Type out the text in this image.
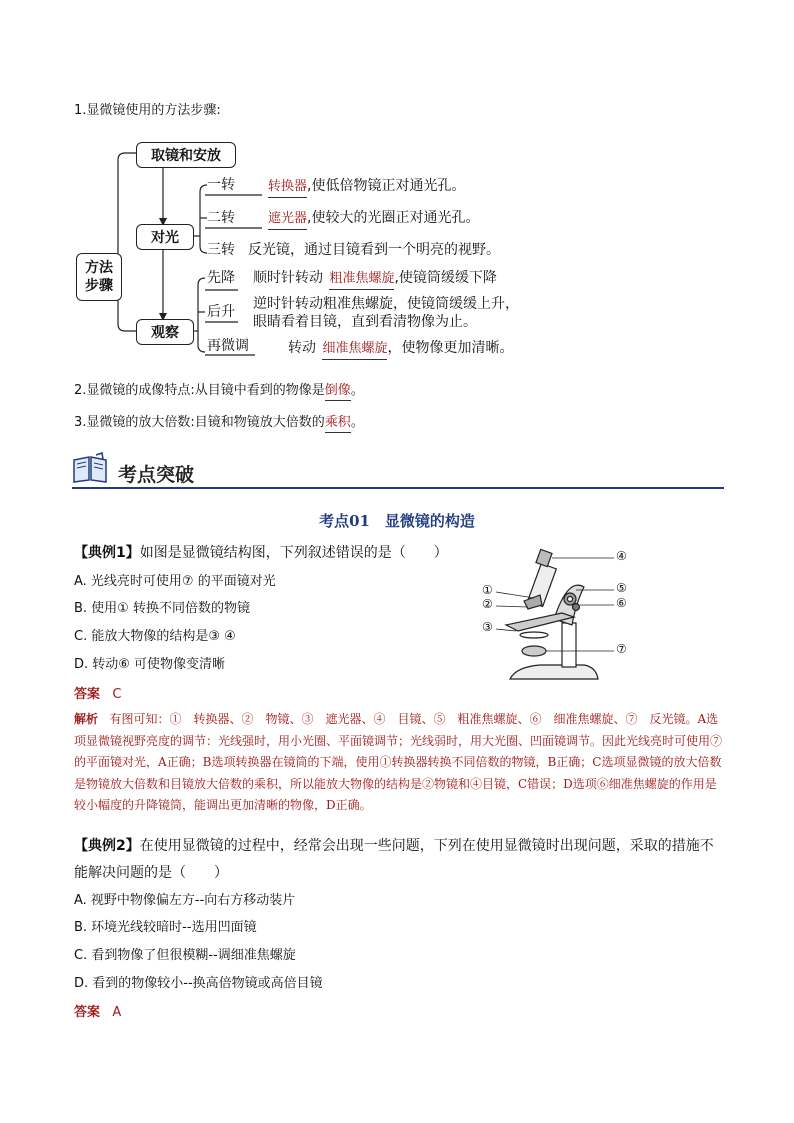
1.显微镜使用的方法步骤:
方法
步骤
取镜和安放
对光
观察
一转	转换器,使低倍物镜正对通光孔。
二转	遮光器,使较大的光圈正对通光孔。
三转 反光镜，通过目镜看到一个明亮的视野。
先降 顺时针转动 粗准焦螺旋,使镜筒缓缓下降
后升 逆时针转动粗准焦螺旋，使镜筒缓缓上升，
眼睛看着目镜，直到看清物像为止。
再微调	转动 细准焦螺旋，使物像更加清晰。
2.显微镜的成像特点:从目镜中看到的物像是倒像。
3.显微镜的放大倍数:目镜和物镜放大倍数的乘积。
考点突破
考点01　显微镜的构造
【典例1】如图是显微镜结构图，下列叙述错误的是（　　）
A. 光线亮时可使用⑦ 的平面镜对光
B. 使用① 转换不同倍数的物镜
C. 能放大物像的结构是③ ④
D. 转动⑥ 可使物像变清晰
④
⑤
⑥
⑦
①
②
③
答案 C
解析 有图可知：①　转换器、②　物镜、③　遮光器、④　目镜、⑤　粗准焦螺旋、⑥　细准焦螺旋、⑦　反光镜。A选项显微镜视野亮度的调节：光线强时，用小光圈、平面镜调节；光线弱时，用大光圈、凹面镜调节。因此光线亮时可使用⑦的平面镜对光，A正确；B选项转换器在镜筒的下端，使用①转换器转换不同倍数的物镜，B正确；C选项显微镜的放大倍数是物镜放大倍数和目镜放大倍数的乘积，所以能放大物像的结构是②物镜和④目镜，C错误；D选项⑥细准焦螺旋的作用是较小幅度的升降镜筒，能调出更加清晰的物像，D正确。
【典例2】在使用显微镜的过程中，经常会出现一些问题，下列在使用显微镜时出现问题，采取的措施不
能解决问题的是（　　）
A. 视野中物像偏左方--向右方移动装片
B. 环境光线较暗时--选用凹面镜
C. 看到物像了但很模糊--调细准焦螺旋
D. 看到的物像较小--换高倍物镜或高倍目镜
答案 A
